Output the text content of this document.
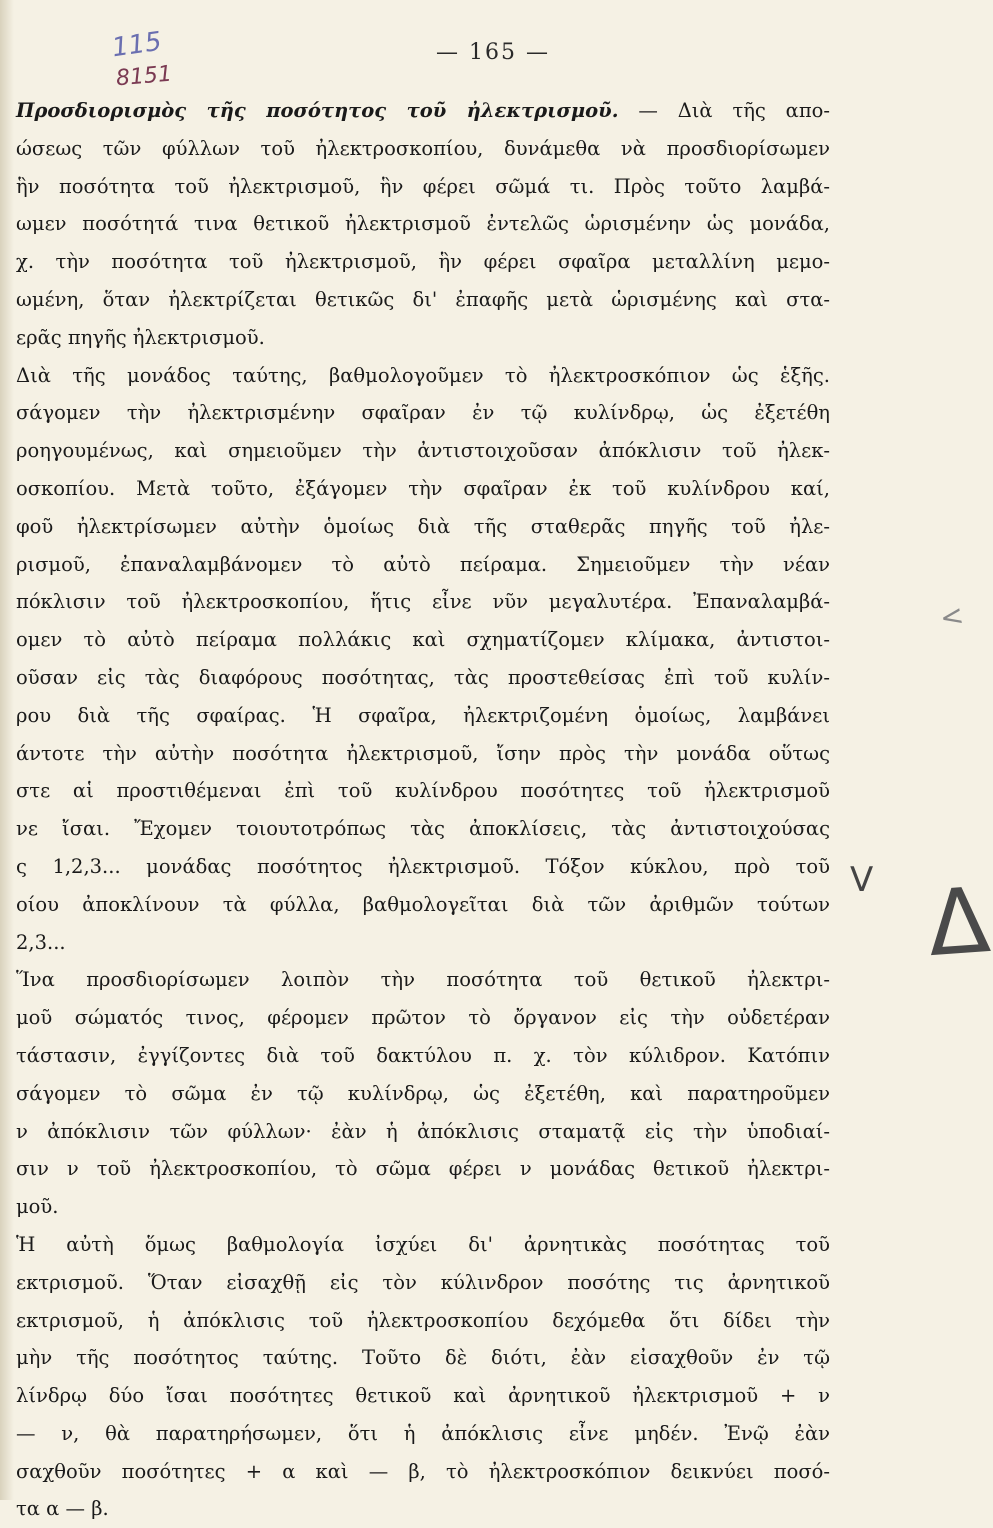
115
8151
— 165 —
Προσδιορισμὸς τῆς ποσότητος τοῦ ἠλεκτρισμοῦ. — Διὰ τῆς απο-
ώσεως τῶν φύλλων τοῦ ἠλεκτροσκοπίου, δυνάμεθα νὰ προσδιορίσωμεν
ἣν ποσότητα τοῦ ἠλεκτρισμοῦ, ἣν φέρει σῶμά τι. Πρὸς τοῦτο λαμβά-
ωμεν ποσότητά τινα θετικοῦ ἠλεκτρισμοῦ ἐντελῶς ὡρισμένην ὡς μονάδα,
χ. τὴν ποσότητα τοῦ ἠλεκτρισμοῦ, ἣν φέρει σφαῖρα μεταλλίνη μεμο-
ωμένη, ὅταν ἠλεκτρίζεται θετικῶς δι' ἐπαφῆς μετὰ ὡρισμένης καὶ στα-
ερᾶς πηγῆς ἠλεκτρισμοῦ.
Διὰ τῆς μονάδος ταύτης, βαθμολογοῦμεν τὸ ἠλεκτροσκόπιον ὡς ἑξῆς.
σάγομεν τὴν ἠλεκτρισμένην σφαῖραν ἐν τῷ κυλίνδρῳ, ὡς ἐξετέθη
ροηγουμένως, καὶ σημειοῦμεν τὴν ἀντιστοιχοῦσαν ἀπόκλισιν τοῦ ἠλεκ-
οσκοπίου. Μετὰ τοῦτο, ἐξάγομεν τὴν σφαῖραν ἐκ τοῦ κυλίνδρου καί,
φοῦ ἠλεκτρίσωμεν αὐτὴν ὁμοίως διὰ τῆς σταθερᾶς πηγῆς τοῦ ἠλε-
ρισμοῦ, ἐπαναλαμβάνομεν τὸ αὐτὸ πείραμα. Σημειοῦμεν τὴν νέαν
πόκλισιν τοῦ ἠλεκτροσκοπίου, ἥτις εἶνε νῦν μεγαλυτέρα. Ἐπαναλαμβά-
ομεν τὸ αὐτὸ πείραμα πολλάκις καὶ σχηματίζομεν κλίμακα, ἀντιστοι-
οῦσαν εἰς τὰς διαφόρους ποσότητας, τὰς προστεθείσας ἐπὶ τοῦ κυλίν-
ρου διὰ τῆς σφαίρας. Ἡ σφαῖρα, ἠλεκτριζομένη ὁμοίως, λαμβάνει
άντοτε τὴν αὐτὴν ποσότητα ἠλεκτρισμοῦ, ἴσην πρὸς τὴν μονάδα οὕτως
στε αἱ προστιθέμεναι ἐπὶ τοῦ κυλίνδρου ποσότητες τοῦ ἠλεκτρισμοῦ
νε ἴσαι. Ἔχομεν τοιουτοτρόπως τὰς ἀποκλίσεις, τὰς ἀντιστοιχούσας
ς 1,2,3... μονάδας ποσότητος ἠλεκτρισμοῦ. Τόξον κύκλου, πρὸ τοῦ
οίου ἀποκλίνουν τὰ φύλλα, βαθμολογεῖται διὰ τῶν ἀριθμῶν τούτων
2,3...
Ἵνα προσδιορίσωμεν λοιπὸν τὴν ποσότητα τοῦ θετικοῦ ἠλεκτρι-
μοῦ σώματός τινος, φέρομεν πρῶτον τὸ ὄργανον εἰς τὴν οὐδετέραν
τάστασιν, ἐγγίζοντες διὰ τοῦ δακτύλου π. χ. τὸν κύλιδρον. Κατόπιν
σάγομεν τὸ σῶμα ἐν τῷ κυλίνδρῳ, ὡς ἐξετέθη, καὶ παρατηροῦμεν
ν ἀπόκλισιν τῶν φύλλων· ἐὰν ἡ ἀπόκλισις σταματᾷ εἰς τὴν ὑποδιαί-
σιν ν τοῦ ἠλεκτροσκοπίου, τὸ σῶμα φέρει ν μονάδας θετικοῦ ἠλεκτρι-
μοῦ.
Ἡ αὐτὴ ὅμως βαθμολογία ἰσχύει δι' ἀρνητικὰς ποσότητας τοῦ
εκτρισμοῦ. Ὅταν εἰσαχθῇ εἰς τὸν κύλινδρον ποσότης τις ἀρνητικοῦ
εκτρισμοῦ, ἡ ἀπόκλισις τοῦ ἠλεκτροσκοπίου δεχόμεθα ὅτι δίδει τὴν
μὴν τῆς ποσότητος ταύτης. Τοῦτο δὲ διότι, ἐὰν εἰσαχθοῦν ἐν τῷ
λίνδρῳ δύο ἴσαι ποσότητες θετικοῦ καὶ ἀρνητικοῦ ἠλεκτρισμοῦ + ν
— ν, θὰ παρατηρήσωμεν, ὅτι ἡ ἀπόκλισις εἶνε μηδέν. Ἐνῷ ἐὰν
σαχθοῦν ποσότητες + α καὶ — β, τὸ ἠλεκτροσκόπιον δεικνύει ποσό-
τα α — β.
<
V Δ
